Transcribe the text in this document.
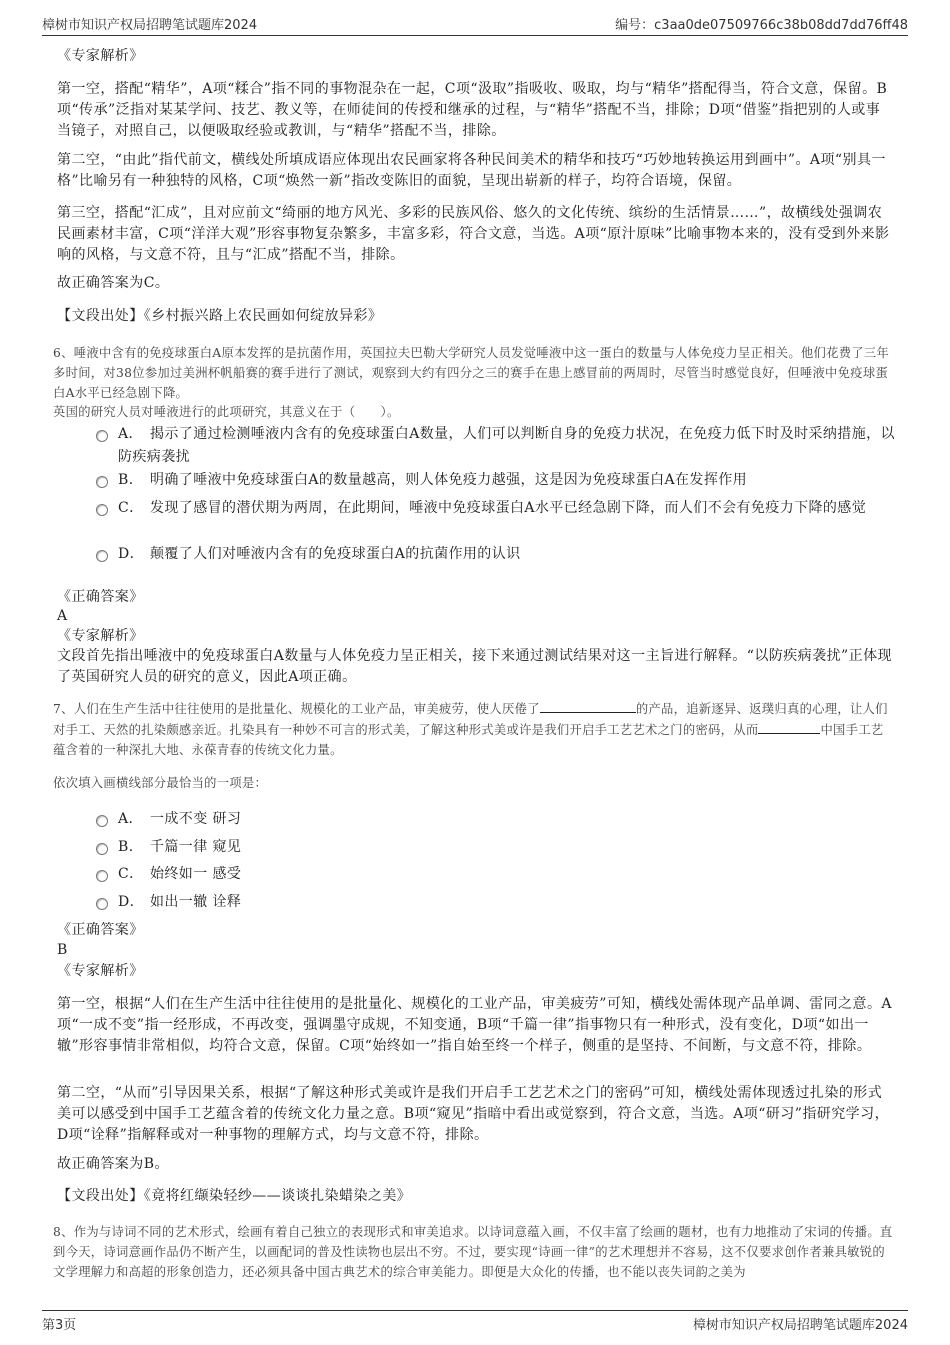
樟树市知识产权局招聘笔试题库2024	编号：c3aa0de07509766c38b08dd7dd76ff48
《专家解析》

第一空，搭配“精华”，A项“糅合”指不同的事物混杂在一起，C项“汲取”指吸收、吸取，均与“精华”搭配得当，符合文意，保留。B项“传承”泛指对某某学问、技艺、教义等，在师徒间的传授和继承的过程，与“精华”搭配不当，排除；D项“借鉴”指把别的人或事当镜子，对照自己，以便吸取经验或教训，与“精华”搭配不当，排除。

第二空，“由此”指代前文，横线处所填成语应体现出农民画家将各种民间美术的精华和技巧“巧妙地转换运用到画中”。A项“别具一格”比喻另有一种独特的风格，C项“焕然一新”指改变陈旧的面貌，呈现出崭新的样子，均符合语境，保留。

第三空，搭配“汇成”，且对应前文“绮丽的地方风光、多彩的民族风俗、悠久的文化传统、缤纷的生活情景……”，故横线处强调农民画素材丰富，C项“洋洋大观”形容事物复杂繁多，丰富多彩，符合文意，当选。A项“原汁原味”比喻事物本来的，没有受到外来影响的风格，与文意不符，且与“汇成”搭配不当，排除。

故正确答案为C。

【文段出处】《乡村振兴路上农民画如何绽放异彩》

6、唾液中含有的免疫球蛋白A原本发挥的是抗菌作用，英国拉夫巴勒大学研究人员发觉唾液中这一蛋白的数量与人体免疫力呈正相关。他们花费了三年多时间，对38位参加过美洲杯帆船赛的赛手进行了测试，观察到大约有四分之三的赛手在患上感冒前的两周时，尽管当时感觉良好，但唾液中免疫球蛋白A水平已经急剧下降。

英国的研究人员对唾液进行的此项研究，其意义在于（　　）。

A． 揭示了通过检测唾液内含有的免疫球蛋白A数量，人们可以判断自身的免疫力状况，在免疫力低下时及时采纳措施，以防疾病袭扰
B． 明确了唾液中免疫球蛋白A的数量越高，则人体免疫力越强，这是因为免疫球蛋白A在发挥作用
C． 发现了感冒的潜伏期为两周，在此期间，唾液中免疫球蛋白A水平已经急剧下降，而人们不会有免疫力下降的感觉
D． 颠覆了人们对唾液内含有的免疫球蛋白A的抗菌作用的认识
《正确答案》
A
《专家解析》

文段首先指出唾液中的免疫球蛋白A数量与人体免疫力呈正相关，接下来通过测试结果对这一主旨进行解释。“以防疾病袭扰”正体现了英国研究人员的研究的意义，因此A项正确。

7、人们在生产生活中往往使用的是批量化、规模化的工业产品，审美疲劳，使人厌倦了	的产品，追新逐异、返璞归真的心理，让人们对手工、天然的扎染颇感亲近。扎染具有一种妙不可言的形式美，了解这种形式美或许是我们开启手工艺艺术之门的密码，从而	中国手工艺蕴含着的一种深扎大地、永葆青春的传统文化力量。

依次填入画横线部分最恰当的一项是：

A． 一成不变 研习
B． 千篇一律 窥见
C． 始终如一 感受
D． 如出一辙 诠释
《正确答案》
B
《专家解析》

第一空，根据“人们在生产生活中往往使用的是批量化、规模化的工业产品，审美疲劳”可知，横线处需体现产品单调、雷同之意。A项“一成不变”指一经形成，不再改变，强调墨守成规，不知变通，B项“千篇一律”指事物只有一种形式，没有变化，D项“如出一辙”形容事情非常相似，均符合文意，保留。C项“始终如一”指自始至终一个样子，侧重的是坚持、不间断，与文意不符，排除。

第二空，“从而”引导因果关系，根据“了解这种形式美或许是我们开启手工艺艺术之门的密码”可知，横线处需体现透过扎染的形式美可以感受到中国手工艺蕴含着的传统文化力量之意。B项“窥见”指暗中看出或觉察到，符合文意，当选。A项“研习”指研究学习，D项“诠释”指解释或对一种事物的理解方式，均与文意不符，排除。

故正确答案为B。

【文段出处】《竟将红缬染轻纱——谈谈扎染蜡染之美》

8、作为与诗词不同的艺术形式，绘画有着自己独立的表现形式和审美追求。以诗词意蕴入画，不仅丰富了绘画的题材，也有力地推动了宋词的传播。直到今天，诗词意画作品仍不断产生，以画配词的普及性读物也层出不穷。不过，要实现“诗画一律”的艺术理想并不容易，这不仅要求创作者兼具敏锐的文学理解力和高超的形象创造力，还必须具备中国古典艺术的综合审美能力。即便是大众化的传播，也不能以丧失词韵之美为

第3页	樟树市知识产权局招聘笔试题库2024
